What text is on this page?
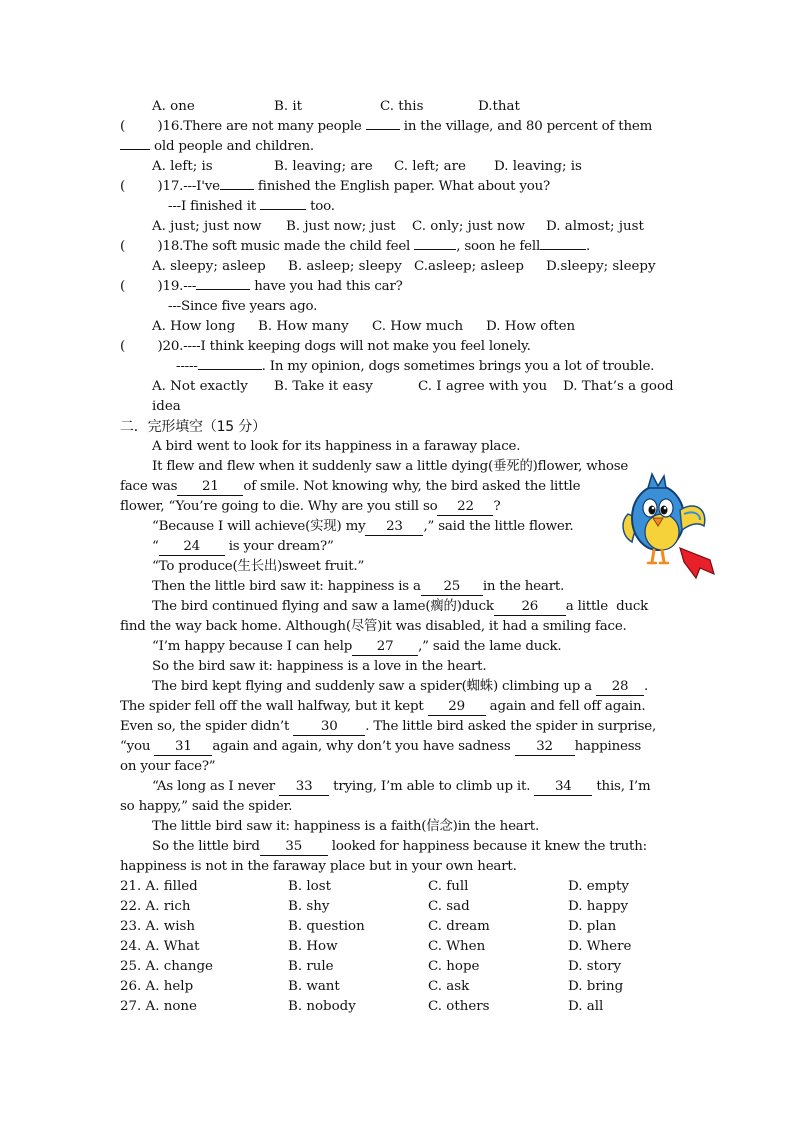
A. one	B. it	C. this	D.that
(        )16.There are not many people	in the village, and 80 percent of them
old people and children.
A. left; is	B. leaving; are C. left; are D. leaving; is
(        )17.---I've	finished the English paper. What about you?
---I finished it	too.
A. just; just now B. just now; just C. only; just now D. almost; just
(        )18.The soft music made the child feel	, soon he fell	.
A. sleepy; asleep B. asleep; sleepy C.asleep; asleep D.sleepy; sleepy
(        )19.---	have you had this car?
---Since five years ago.
A. How long B. How many C. How much D. How often
(        )20.----I think keeping dogs will not make you feel lonely.
-----	. In my opinion, dogs sometimes brings you a lot of trouble.
A. Not exactly B. Take it easy	C. I agree with you D. That’s a good
idea
二．完形填空（15 分）
A bird went to look for its happiness in a faraway place.
It flew and flew when it suddenly saw a little dying(垂死的)flower, whose
face was 21 of smile. Not knowing why, the bird asked the little
flower, “You’re going to die. Why are you still so 22 ?
“Because I will achieve(实现) my 23 ,” said the little flower.
“ 24 is your dream?”
“To produce(生长出)sweet fruit.”
Then the little bird saw it: happiness is a 25 in the heart.
The bird continued flying and saw a lame(瘸的)duck 26 a little  duck
find the way back home. Although(尽管)it was disabled, it had a smiling face.
“I’m happy because I can help 27 ,” said the lame duck.
So the bird saw it: happiness is a love in the heart.
The bird kept flying and suddenly saw a spider(蜘蛛) climbing up a 28 .
The spider fell off the wall halfway, but it kept 29 again and fell off again.
Even so, the spider didn’t 30 . The little bird asked the spider in surprise,
“you 31 again and again, why don’t you have sadness 32 happiness
on your face?”
“As long as I never 33 trying, I’m able to climb up it. 34 this, I’m
so happy,” said the spider.
The little bird saw it: happiness is a faith(信念)in the heart.
So the little bird 35 looked for happiness because it knew the truth:
happiness is not in the faraway place but in your own heart.
21. A. filled	B. lost	C. full	D. empty
22. A. rich	B. shy	C. sad	D. happy
23. A. wish	B. question	C. dream	D. plan
24. A. What	B. How	C. When	D. Where
25. A. change	B. rule	C. hope	D. story
26. A. help	B. want	C. ask	D. bring
27. A. none	B. nobody	C. others	D. all
